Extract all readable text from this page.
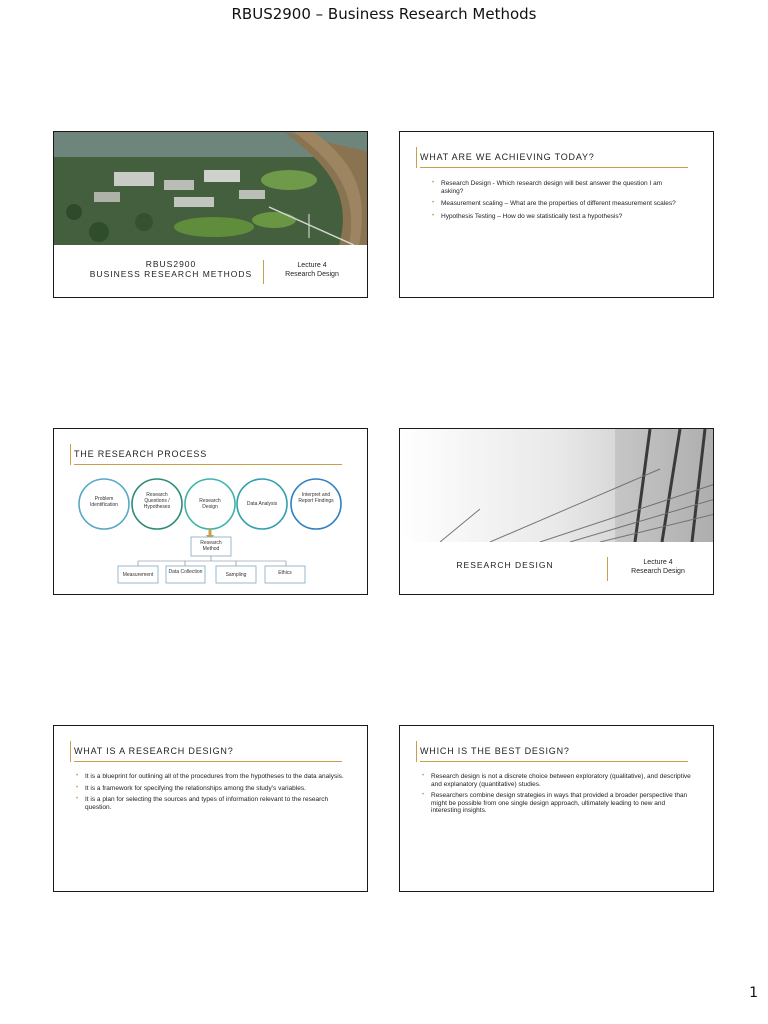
RBUS2900 – Business Research Methods
RBUS2900
BUSINESS RESEARCH METHODS
Lecture 4
Research Design
WHAT ARE WE ACHIEVING TODAY?
• Research Design - Which research design will best answer the question I am asking?
• Measurement scaling – What are the properties of different measurement scales?
• Hypothesis Testing – How do we statistically test a hypothesis?
THE RESEARCH PROCESS
Problem Identification
Research Questions / Hypotheses
Research Design	Data Analysis
Interpret and Report Findings
Research Method
Measurement	Data Collection	Sampling	Ethics
RESEARCH DESIGN	Lecture 4
Research Design
WHAT IS A RESEARCH DESIGN?
• It is a blueprint for outlining all of the procedures from the hypotheses to the data analysis.
• It is a framework for specifying the relationships among the study's variables.
• It is a plan for selecting the sources and types of information relevant to the research question.
WHICH IS THE BEST DESIGN?
• Research design is not a discrete choice between exploratory (qualitative), and descriptive and explanatory (quantitative) studies.
• Researchers combine design strategies in ways that provided a broader perspective than might be possible from one single design approach, ultimately leading to new and interesting insights.
1
